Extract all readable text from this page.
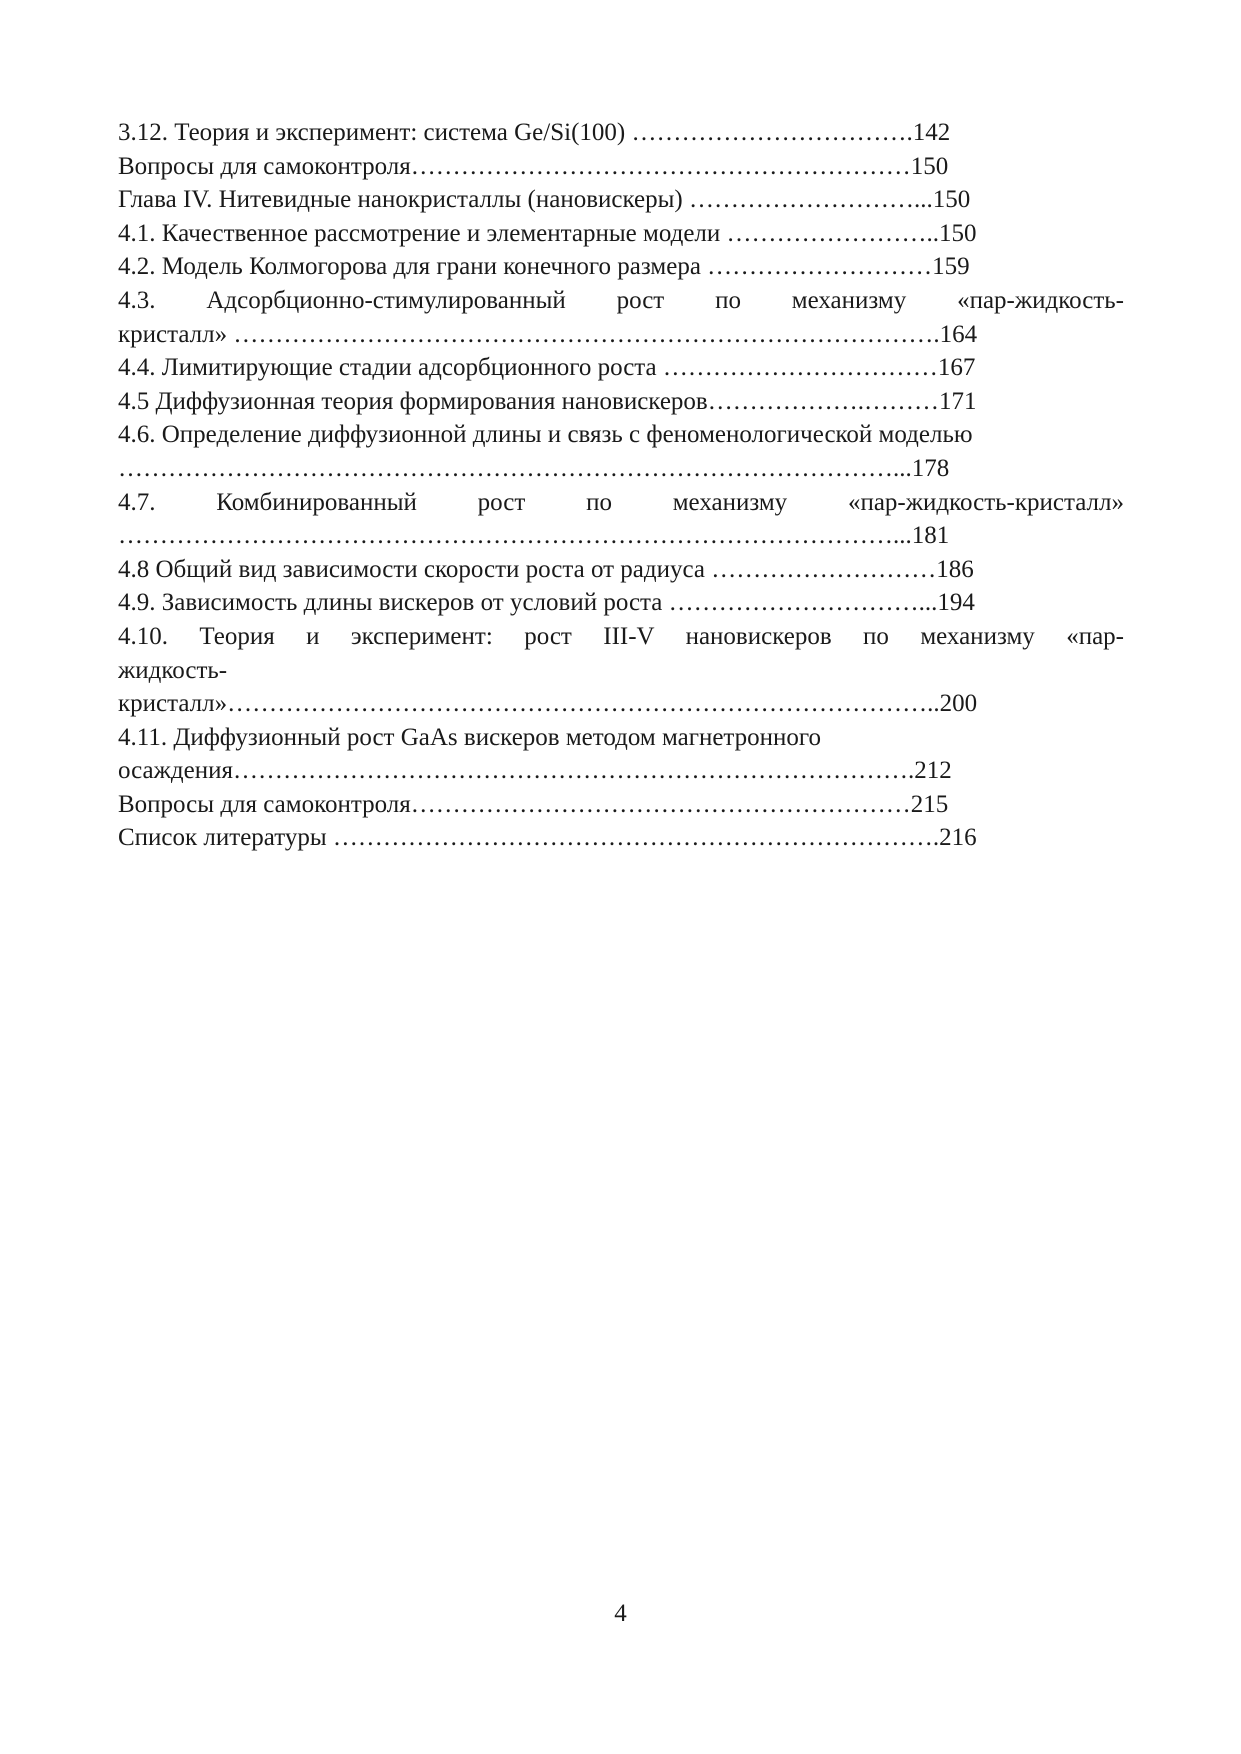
3.12. Теория и эксперимент: система Ge/Si(100) …………………………….142
Вопросы для самоконтроля……………………………………………………150
Глава IV. Нитевидные нанокристаллы (нановискеры) ………………………...150
4.1. Качественное рассмотрение и элементарные модели ……………………..150
4.2. Модель Колмогорова для грани конечного размера ………………………159
4.3. Адсорбционно-стимулированный рост по механизму «пар-жидкость-
кристалл» ………………………………………………………………………….164
4.4. Лимитирующие стадии адсорбционного роста ……………………………167
4.5 Диффузионная теория формирования нановискеров……………….………171
4.6. Определение диффузионной длины и связь с феноменологической моделью
…………………………………………………………………………………...178
4.7. Комбинированный рост по механизму «пар-жидкость-кристалл»
…………………………………………………………………………………...181
4.8 Общий вид зависимости скорости роста от радиуса ………………………186
4.9. Зависимость длины вискеров от условий роста …………………………...194
4.10. Теория и эксперимент: рост III-V нановискеров по механизму «пар-
жидкость-
кристалл»…………………………………………………………………………..200
4.11. Диффузионный рост GaAs вискеров методом магнетронного
осаждения……………………………………………………………………….212
Вопросы для самоконтроля……………………………………………………215
Список литературы ……………………………………………………………….216
4
